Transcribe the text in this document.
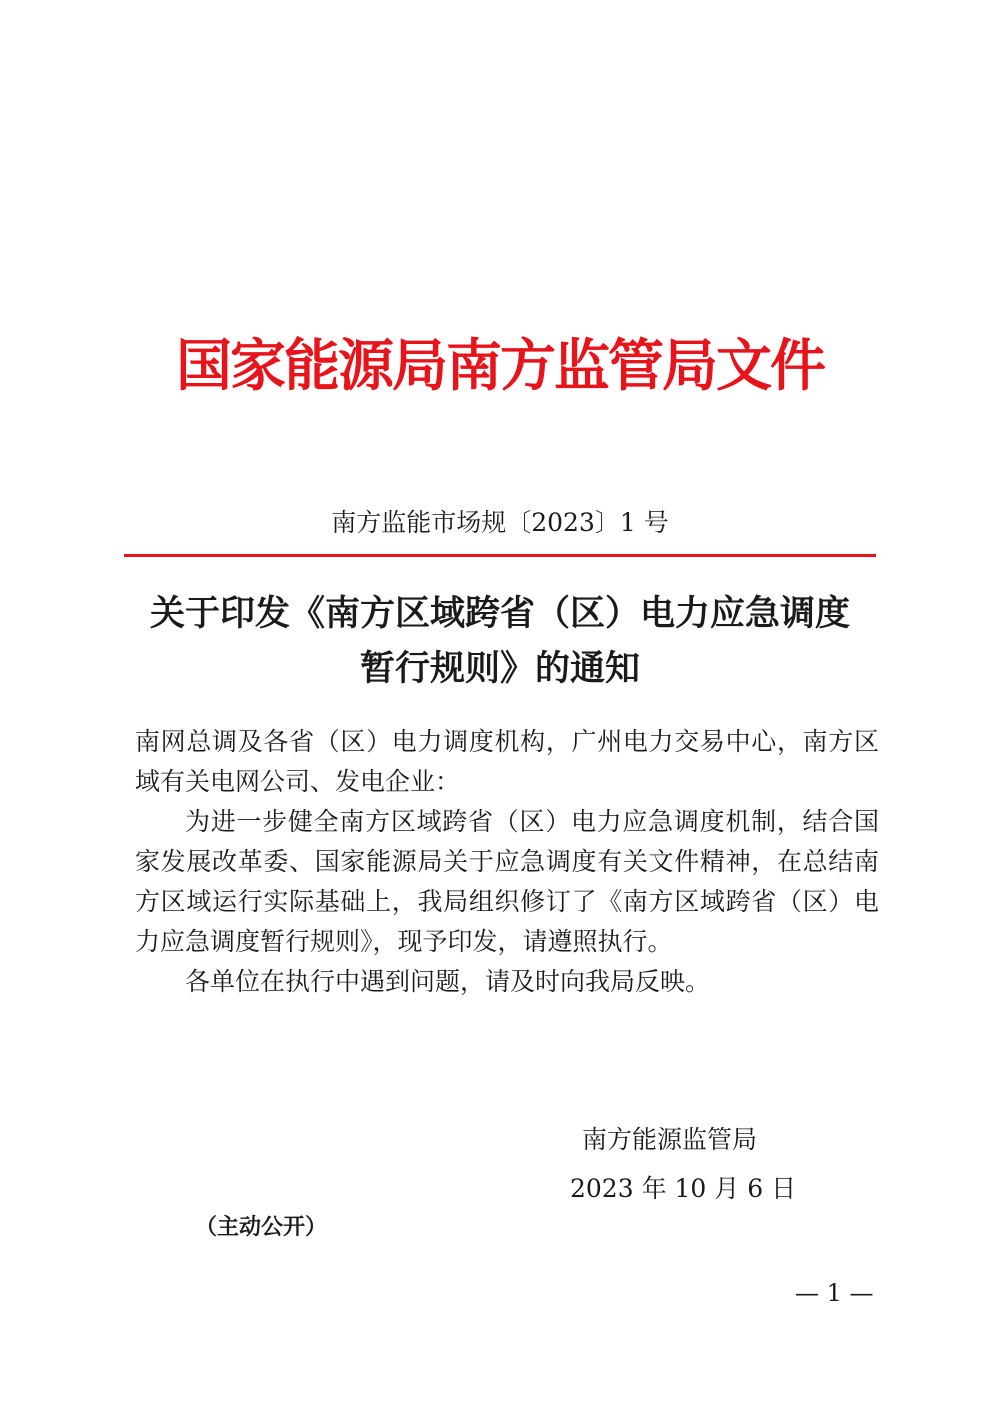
国家能源局南方监管局文件
南方监能市场规〔2023〕1 号
关于印发《南方区域跨省（区）电力应急调度
暂行规则》的通知

南网总调及各省（区）电力调度机构，广州电力交易中心，南方区域有关电网公司、发电企业：

为进一步健全南方区域跨省（区）电力应急调度机制，结合国家发展改革委、国家能源局关于应急调度有关文件精神，在总结南方区域运行实际基础上，我局组织修订了《南方区域跨省（区）电力应急调度暂行规则》，现予印发，请遵照执行。

各单位在执行中遇到问题，请及时向我局反映。

南方能源监管局
2023 年 10 月 6 日
（主动公开）
— 1 —
